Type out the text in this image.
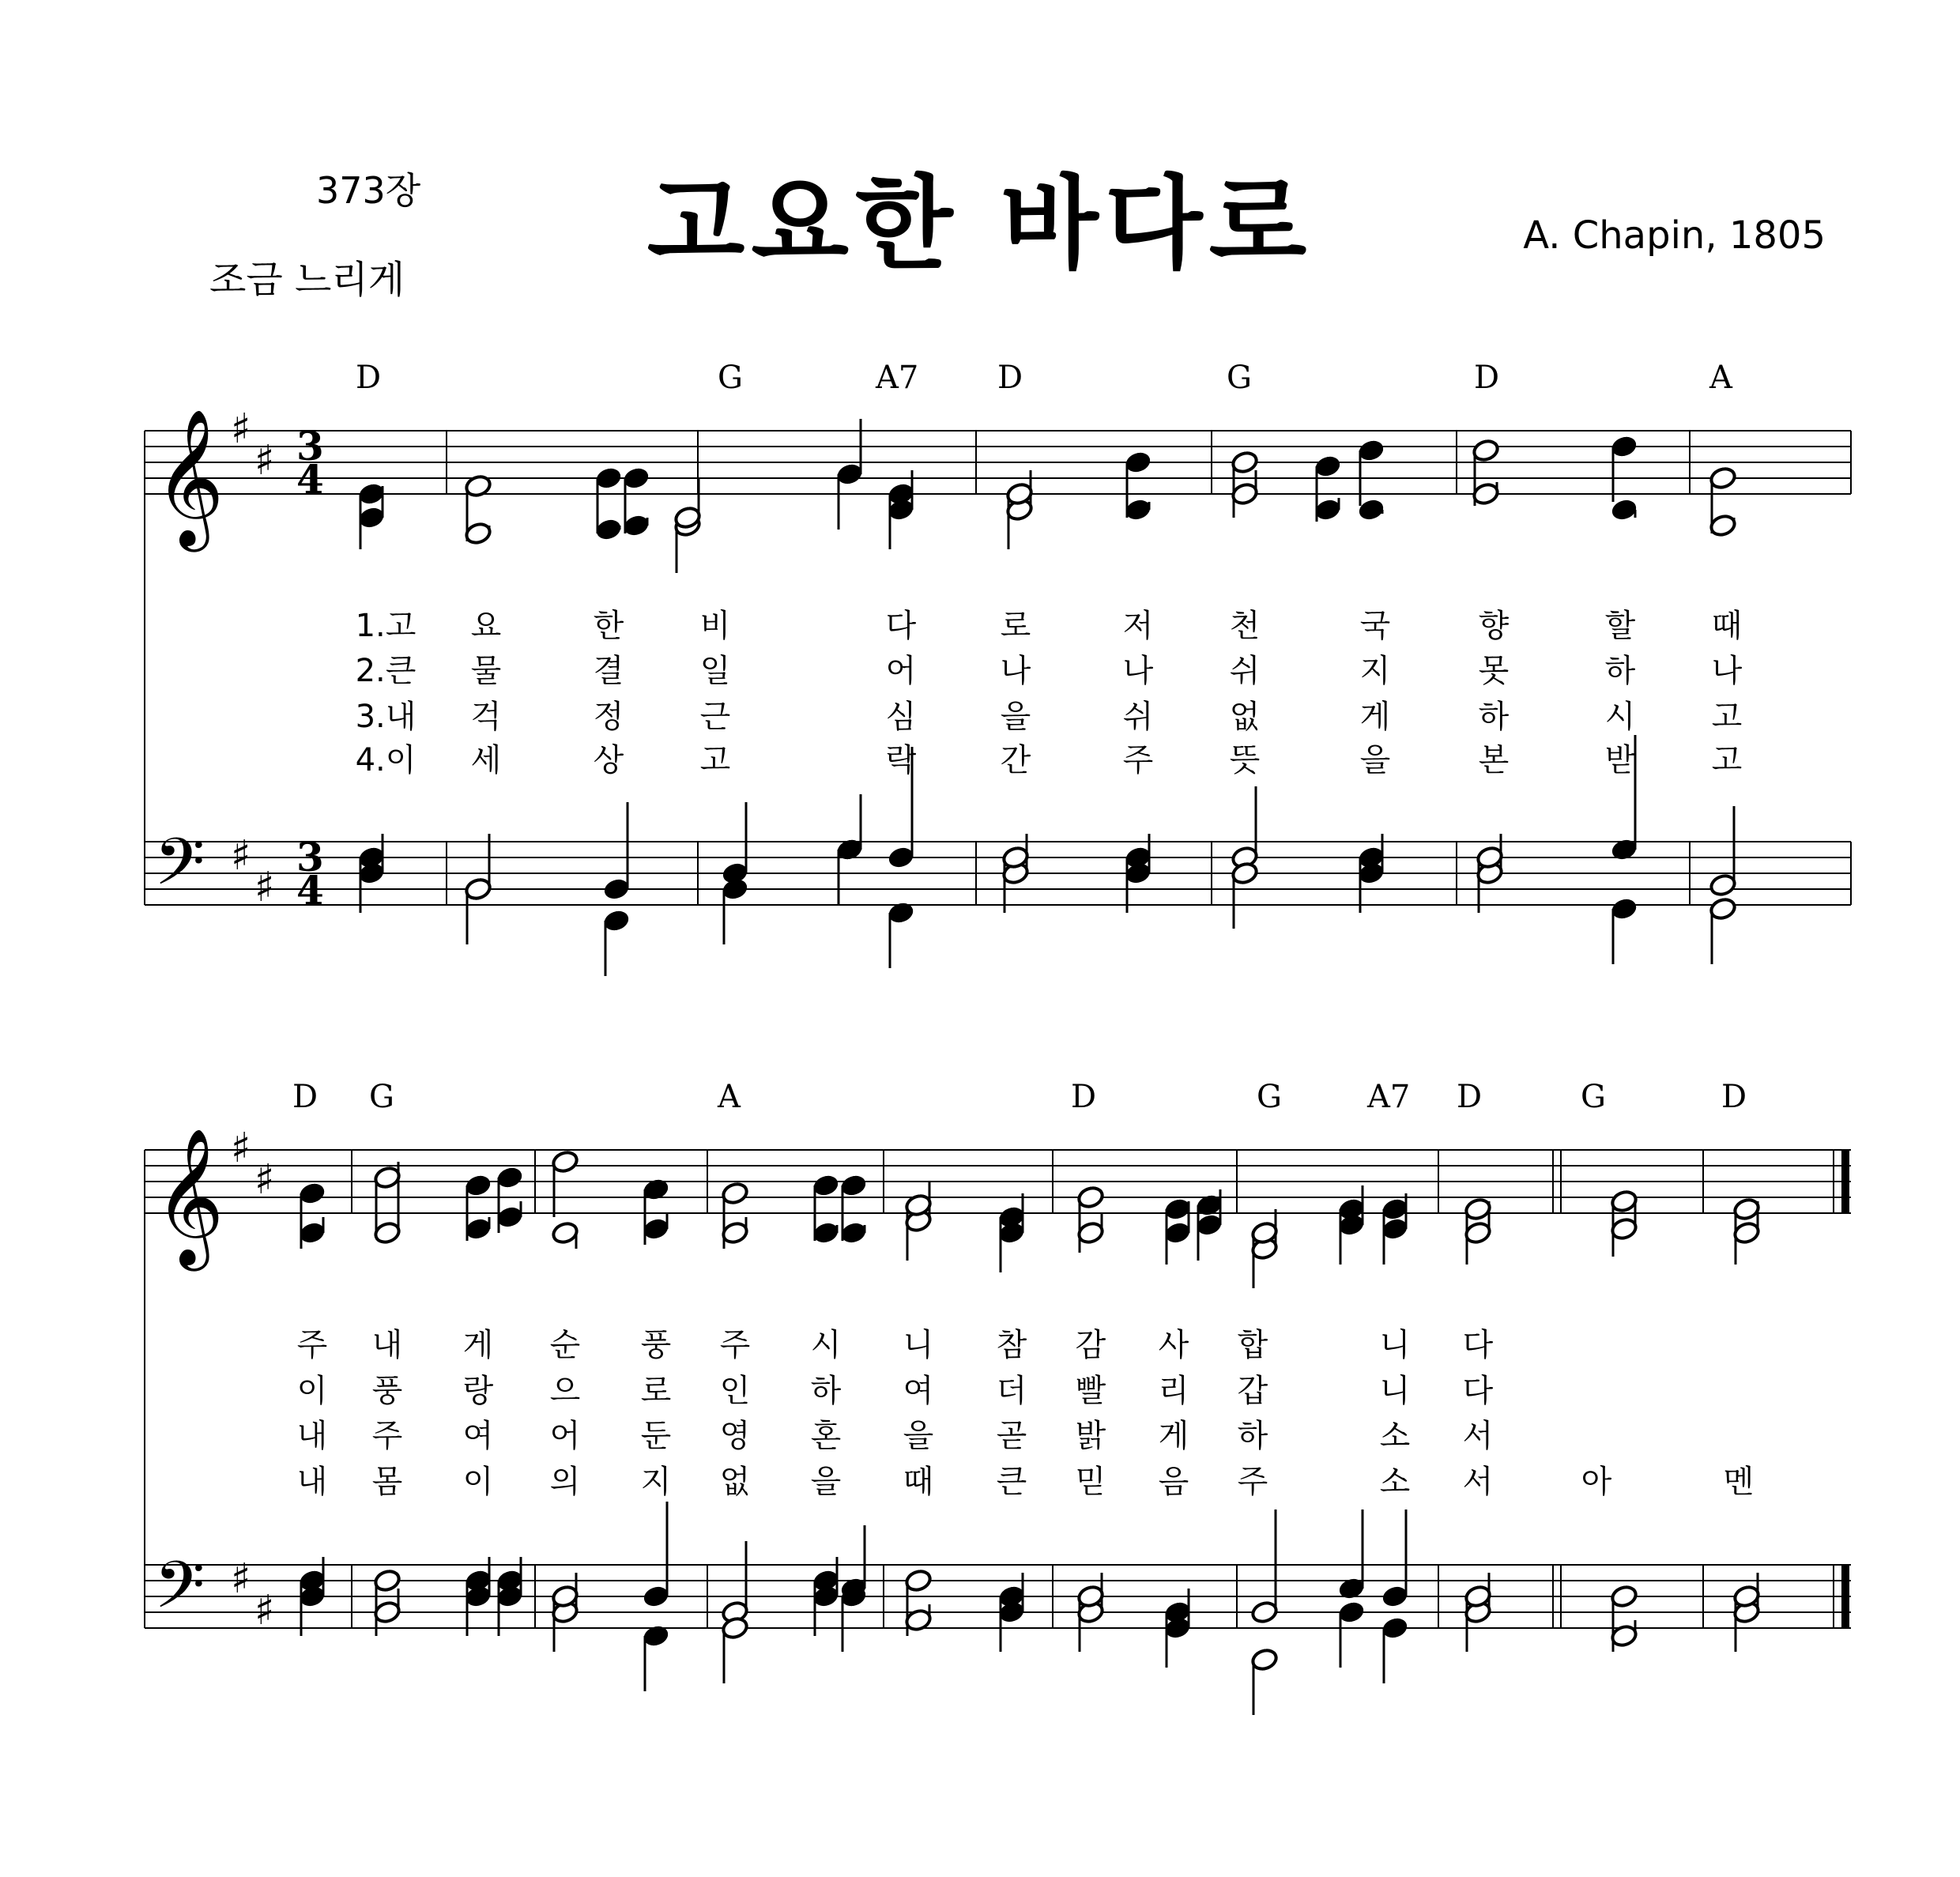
373장	고요한 바다로	A. Chapin, 1805
조금 느리게
D	G	A7 D	G	D	A
D G	A	D	G	A7 D	G	D
1.고 요	한 비	다	로	저 천	국	향	할 때
2.큰 물	결 일	어	나	나 쉬	지	못	하 나
3.내 걱	정 근	심	을	쉬 없	게	하	시 고
4.이 세	상 고	락	간	주 뜻	을	본	받 고
주 내 게 순 풍 주 시 니 참 감 사 합	니 다
이 풍 랑 으 로 인 하 여 더 빨 리 갑	니 다
내 주 여 어 둔 영 혼 을 곧 밝 게 하	소 서
내 몸 이 의 지 없 을 때 큰 믿 음 주	소 서	아	멘
𝄞
𝄢
𝄞
𝄢
♯
♯
♯
♯
♯
♯
♯
♯
3
4
3
4
